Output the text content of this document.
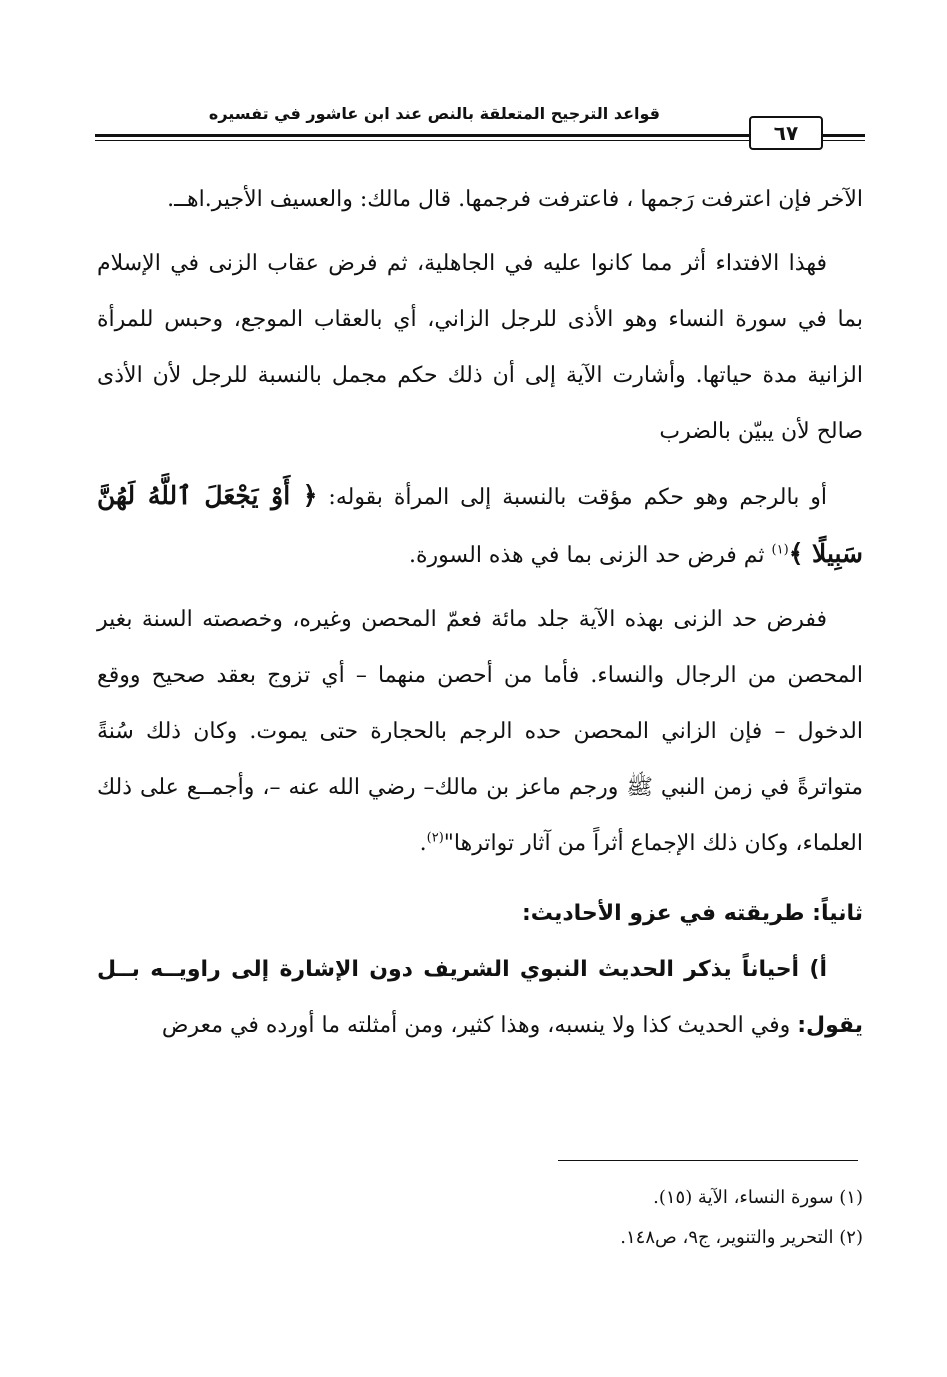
قواعد الترجيح المتعلقة بالنص عند ابن عاشور في تفسيره
٦٧

الآخر فإن اعترفت رَجمها ، فاعترفت فرجمها. قال مالك: والعسيف الأجير.اهــ.

فهذا الافتداء أثر مما كانوا عليه في الجاهلية، ثم فرض عقاب الزنى في الإسلام بما في سورة النساء وهو الأذى للرجل الزاني، أي بالعقاب الموجع، وحبس للمرأة الزانية مدة حياتها. وأشارت الآية إلى أن ذلك حكم مجمل بالنسبة للرجل لأن الأذى صالح لأن يبيّن بالضرب

أو بالرجم وهو حكم مؤقت بالنسبة إلى المرأة بقوله: ﴿ أَوْ يَجْعَلَ ٱللَّهُ لَهُنَّ سَبِيلًا ﴾$^{(١)}$ ثم فرض حد الزنى بما في هذه السورة.

ففرض حد الزنى بهذه الآية جلد مائة فعمّ المحصن وغيره، وخصصته السنة بغير المحصن من الرجال والنساء. فأما من أحصن منهما – أي تزوج بعقد صحيح ووقع الدخول – فإن الزاني المحصن حده الرجم بالحجارة حتى يموت. وكان ذلك سُنةً متواترةً في زمن النبي ﷺ ورجم ماعز بن مالك– رضي الله عنه –، وأجمــع على ذلك العلماء، وكان ذلك الإجماع أثراً من آثار تواترها"$^{(٢)}$.

ثانياً: طريقته في عزو الأحاديث:

أ) أحياناً يذكر الحديث النبوي الشريف دون الإشارة إلى راويــه بــل يقول: وفي الحديث كذا ولا ينسبه، وهذا كثير، ومن أمثلته ما أورده في معرض

(١) سورة النساء، الآية (١٥).
(٢) التحرير والتنوير، ج٩، ص١٤٨.
